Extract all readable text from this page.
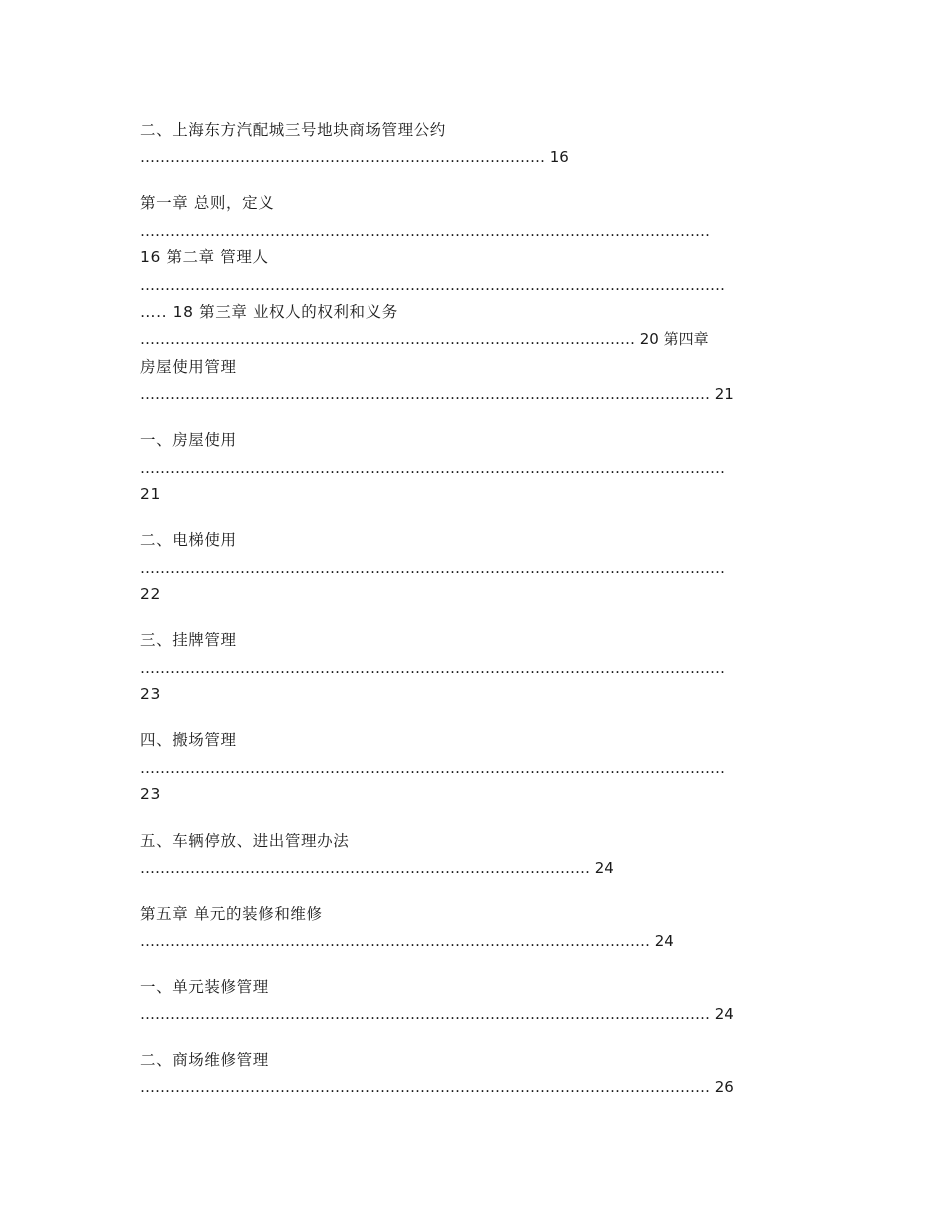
二、上海东方汽配城三号地块商场管理公约
……………………………………………………………………… 16
第一章 总则，定义
……………………………………………………………………………………………………
16 第二章 管理人
………………………………………………………………………………………………………
….. 18 第三章 业权人的权利和义务
……………………………………………………………………………………… 20 第四章
房屋使用管理
…………………………………………………………………………………………………… 21
一、房屋使用
………………………………………………………………………………………………………
21
二、电梯使用
………………………………………………………………………………………………………
22
三、挂牌管理
………………………………………………………………………………………………………
23
四、搬场管理
………………………………………………………………………………………………………
23
五、车辆停放、进出管理办法
……………………………………………………………………………… 24
第五章 单元的装修和维修
………………………………………………………………………………………… 24
一、单元装修管理
…………………………………………………………………………………………………… 24
二、商场维修管理
…………………………………………………………………………………………………… 26
